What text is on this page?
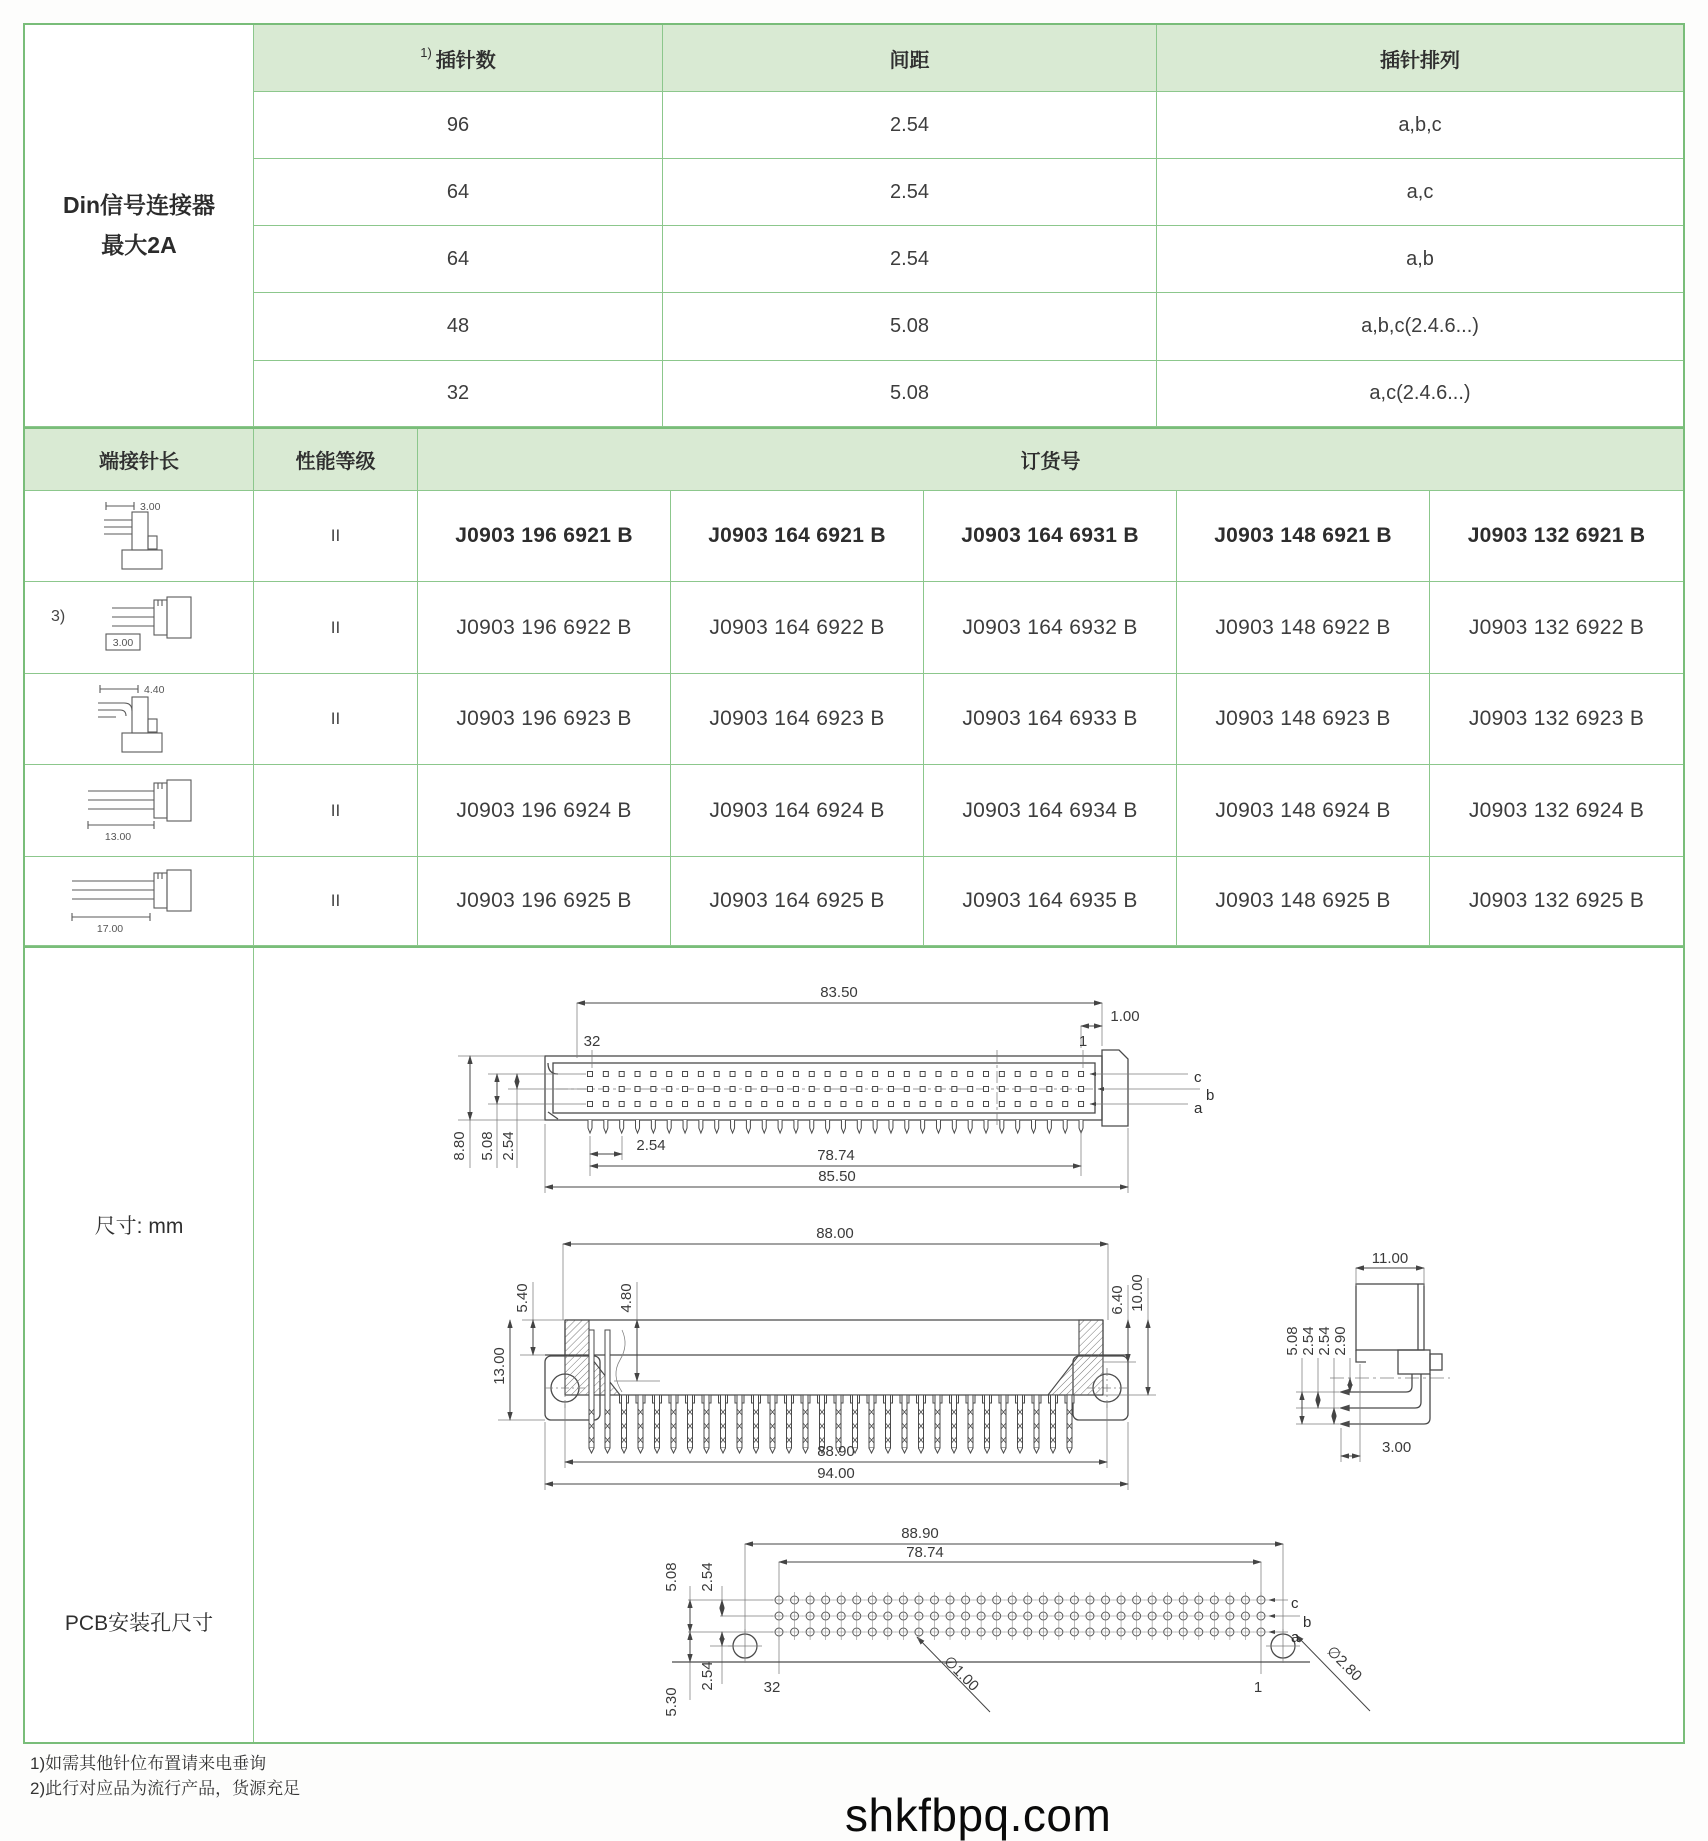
Din信号连接器
最大2A
1) 插针数	间距	插针排列
96	2.54	a,b,c
64	2.54	a,c
64	2.54	a,b
48	5.08	a,b,c(2.4.6...)
32	5.08	a,c(2.4.6...)
端接针长	性能等级	订货号
3.00
II	J0903 196 6921 B	J0903 164 6921 B	J0903 164 6931 B	J0903 148 6921 B	J0903 132 6921 B
3)
3.00
II	J0903 196 6922 B	J0903 164 6922 B	J0903 164 6932 B	J0903 148 6922 B	J0903 132 6922 B
4.40
II	J0903 196 6923 B	J0903 164 6923 B	J0903 164 6933 B	J0903 148 6923 B	J0903 132 6923 B
13.00
II	J0903 196 6924 B	J0903 164 6924 B	J0903 164 6934 B	J0903 148 6924 B	J0903 132 6924 B
17.00
II	J0903 196 6925 B	J0903 164 6925 B	J0903 164 6935 B	J0903 148 6925 B	J0903 132 6925 B
尺寸: mm
83.50
1.00
32	1
c
b
a
8.80 5.08 2.54	2.54
78.74
85.50
88.00
5.40	4.80
13.00
6.40 10.00
88.90
94.00
11.00
5.08 2.54 2.54 2.90
3.00
PCB安装孔尺寸
88.90
78.74
5.08 2.54
2.54
5.30	32	1
c
b
a
∅1.00	∅2.80
1)如需其他针位布置请来电垂询
2)此行对应品为流行产品，货源充足
shkfbpq.com
